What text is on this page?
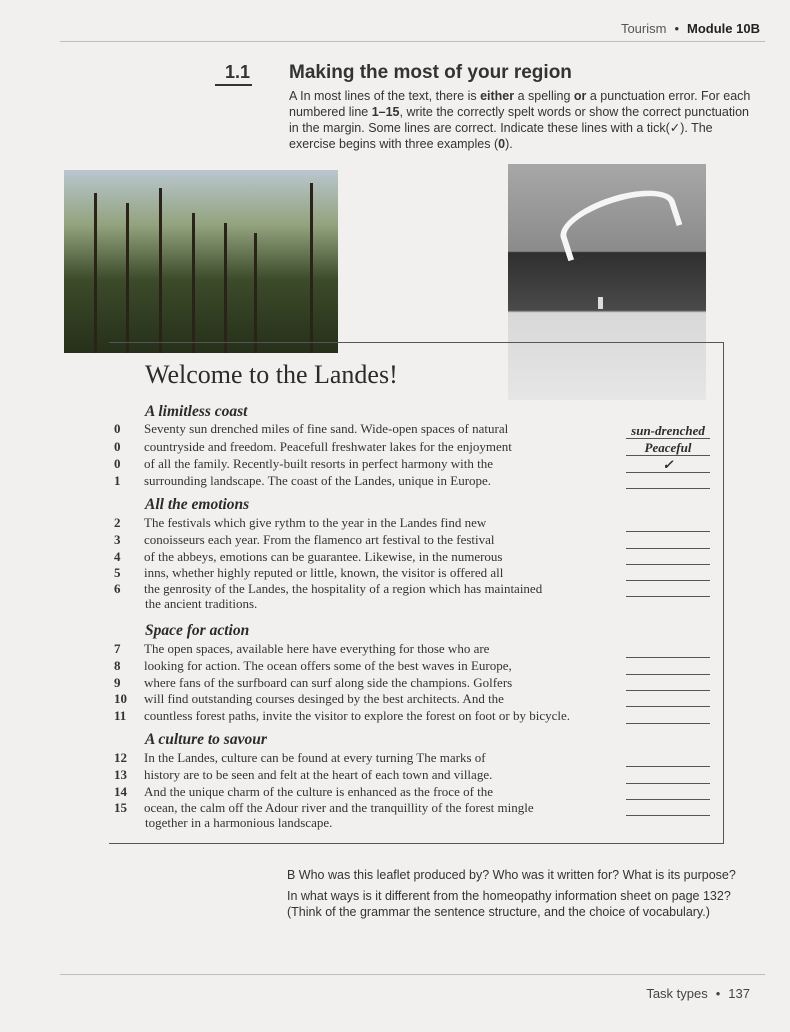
Tourism • Module 10B
1.1 Making the most of your region
A In most lines of the text, there is either a spelling or a punctuation error. For each numbered line 1–15, write the correctly spelt words or show the correct punctuation in the margin. Some lines are correct. Indicate these lines with a tick(✓). The exercise begins with three examples (0).
Welcome to the Landes!
A limitless coast
All the emotions
Space for action
A culture to savour
0 Seventy sun drenched miles of fine sand. Wide-open spaces of natural
0 countryside and freedom. Peacefull freshwater lakes for the enjoyment
0 of all the family. Recently-built resorts in perfect harmony with the
1 surrounding landscape. The coast of the Landes, unique in Europe.
2 The festivals which give rythm to the year in the Landes find new
3 conoisseurs each year. From the flamenco art festival to the festival
4 of the abbeys, emotions can be guarantee. Likewise, in the numerous
5 inns, whether highly reputed or little, known, the visitor is offered all
6 the genrosity of the Landes, the hospitality of a region which has maintained
the ancient traditions.
7 The open spaces, available here have everything for those who are
8 looking for action. The ocean offers some of the best waves in Europe,
9 where fans of the surfboard can surf along side the champions. Golfers
10 will find outstanding courses desinged by the best architects. And the
11 countless forest paths, invite the visitor to explore the forest on foot or by bicycle.
12 In the Landes, culture can be found at every turning The marks of
13 history are to be seen and felt at the heart of each town and village.
14 And the unique charm of the culture is enhanced as the froce of the
15 ocean, the calm off the Adour river and the tranquillity of the forest mingle
together in a harmonious landscape.
sun-drenched
Peaceful
✓

B Who was this leaflet produced by? Who was it written for? What is its purpose?

In what ways is it different from the homeopathy information sheet on page 132? (Think of the grammar the sentence structure, and the choice of vocabulary.)

Task types • 137
